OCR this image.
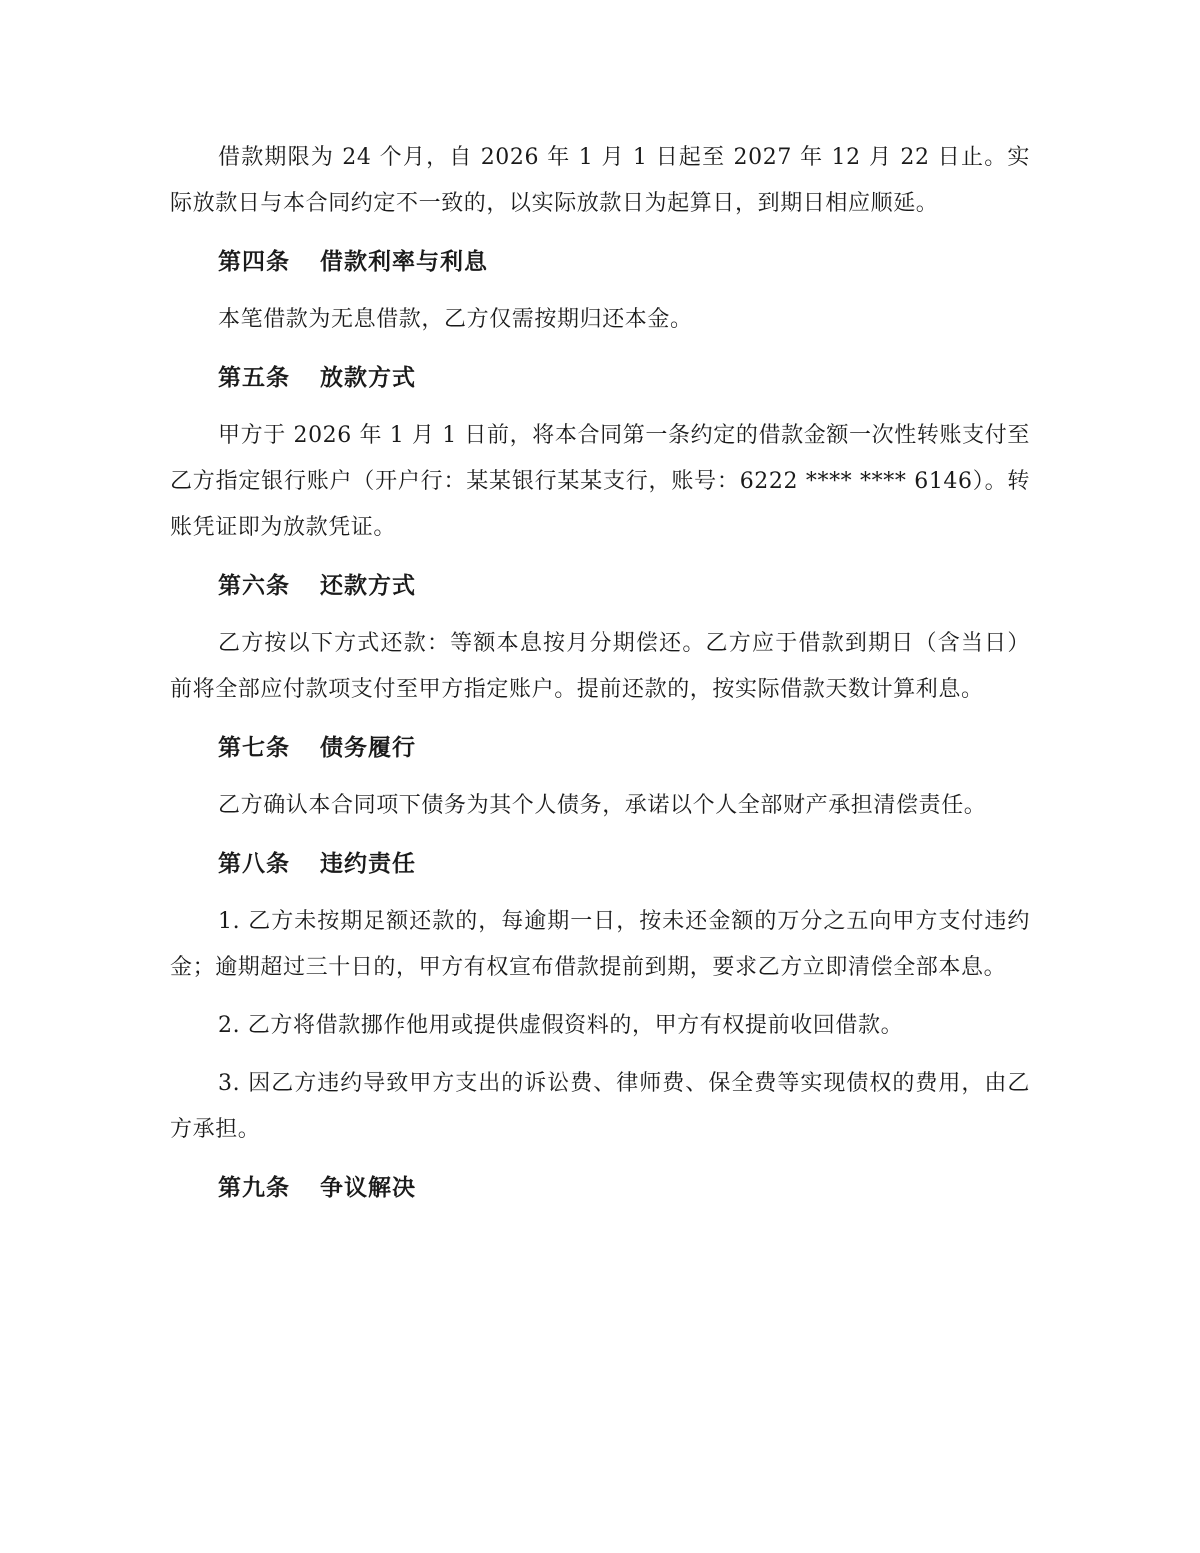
借款期限为 24 个月，自 2026 年 1 月 1 日起至 2027 年 12 月 22 日止。实际放款日与本合同约定不一致的，以实际放款日为起算日，到期日相应顺延。

第四条 借款利率与利息

本笔借款为无息借款，乙方仅需按期归还本金。

第五条 放款方式

甲方于 2026 年 1 月 1 日前，将本合同第一条约定的借款金额一次性转账支付至乙方指定银行账户（开户行：某某银行某某支行，账号：6222 **** **** 6146）。转账凭证即为放款凭证。

第六条 还款方式

乙方按以下方式还款：等额本息按月分期偿还。乙方应于借款到期日（含当日）前将全部应付款项支付至甲方指定账户。提前还款的，按实际借款天数计算利息。

第七条 债务履行

乙方确认本合同项下债务为其个人债务，承诺以个人全部财产承担清偿责任。

第八条 违约责任

1. 乙方未按期足额还款的，每逾期一日，按未还金额的万分之五向甲方支付违约金；逾期超过三十日的，甲方有权宣布借款提前到期，要求乙方立即清偿全部本息。

2. 乙方将借款挪作他用或提供虚假资料的，甲方有权提前收回借款。

3. 因乙方违约导致甲方支出的诉讼费、律师费、保全费等实现债权的费用，由乙方承担。

第九条 争议解决
